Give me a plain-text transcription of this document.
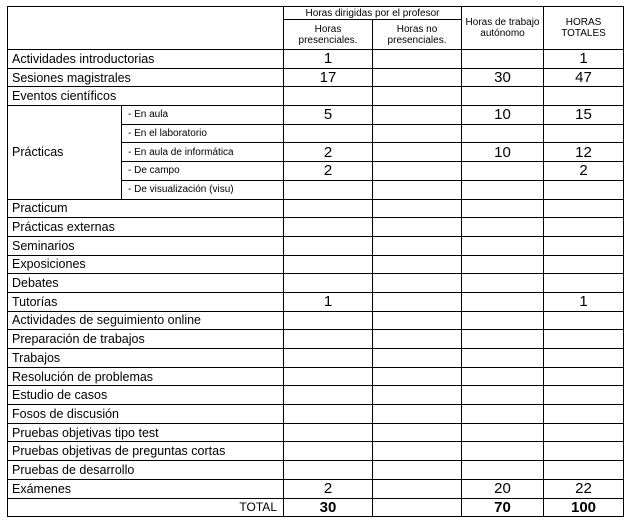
		Horas dirigidas por el profesor		Horas de trabajo autónomo	HORAS TOTALES
		Horas presenciales.	Horas no presenciales.		
Actividades introductorias		1			1
Sesiones magistrales		17		30	47
Eventos científicos					
Prácticas	- En aula	5		10	15
	- En el laboratorio				
	- En aula de informática	2		10	12
	- De campo	2			2
	- De visualización (visu)				
Practicum					
Prácticas externas					
Seminarios					
Exposiciones					
Debates					
Tutorías		1			1
Actividades de seguimiento online					
Preparación de trabajos					
Trabajos					
Resolución de problemas					
Estudio de casos					
Fosos de discusión					
Pruebas objetivas tipo test					
Pruebas objetivas de preguntas cortas					
Pruebas de desarrollo					
Exámenes		2		20	22
TOTAL		30		70	100
